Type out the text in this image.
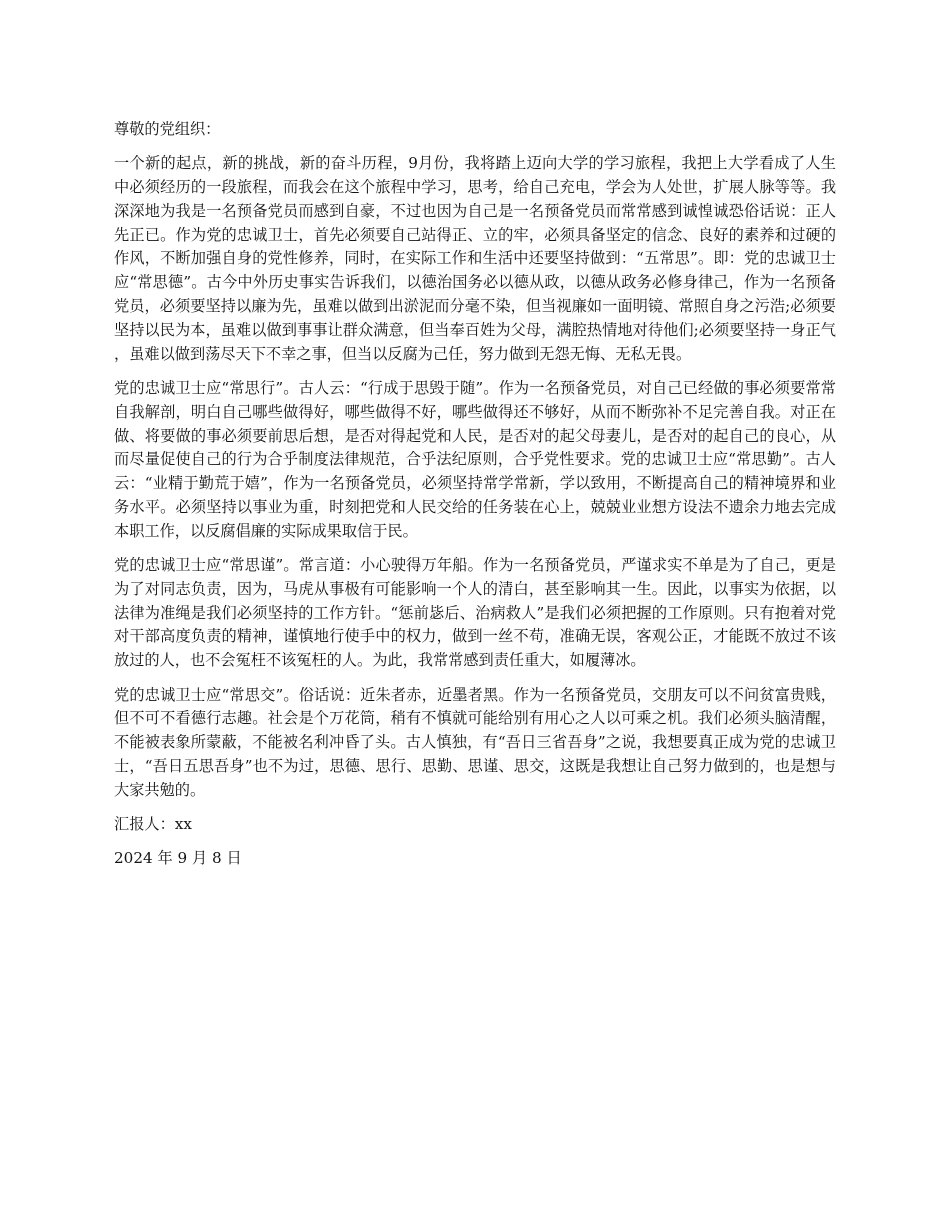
尊敬的党组织：

一个新的起点，新的挑战，新的奋斗历程，9月份，我将踏上迈向大学的学习旅程，我把上大学看成了人生中必须经历的一段旅程，而我会在这个旅程中学习，思考，给自己充电，学会为人处世，扩展人脉等等。我深深地为我是一名预备党员而感到自豪，不过也因为自己是一名预备党员而常常感到诚惶诚恐俗话说：正人先正已。作为党的忠诚卫士，首先必须要自己站得正、立的牢，必须具备坚定的信念、良好的素养和过硬的作风，不断加强自身的党性修养，同时，在实际工作和生活中还要坚持做到：“五常思”。即：党的忠诚卫士应“常思德”。古今中外历史事实告诉我们，以德治国务必以德从政，以德从政务必修身律己，作为一名预备党员，必须要坚持以廉为先，虽难以做到出淤泥而分毫不染，但当视廉如一面明镜、常照自身之污浩;必须要坚持以民为本，虽难以做到事事让群众满意，但当奉百姓为父母，满腔热情地对待他们;必须要坚持一身正气，虽难以做到荡尽天下不幸之事，但当以反腐为己任，努力做到无怨无悔、无私无畏。

党的忠诚卫士应“常思行”。古人云：“行成于思毁于随”。作为一名预备党员，对自己已经做的事必须要常常自我解剖，明白自己哪些做得好，哪些做得不好，哪些做得还不够好，从而不断弥补不足完善自我。对正在做、将要做的事必须要前思后想，是否对得起党和人民，是否对的起父母妻儿，是否对的起自己的良心，从而尽量促使自己的行为合乎制度法律规范，合乎法纪原则，合乎党性要求。党的忠诚卫士应“常思勤”。古人云：“业精于勤荒于嬉”，作为一名预备党员，必须坚持常学常新，学以致用，不断提高自己的精神境界和业务水平。必须坚持以事业为重，时刻把党和人民交给的任务装在心上，兢兢业业想方设法不遗余力地去完成本职工作，以反腐倡廉的实际成果取信于民。

党的忠诚卫士应“常思谨”。常言道：小心驶得万年船。作为一名预备党员，严谨求实不单是为了自己，更是为了对同志负责，因为，马虎从事极有可能影响一个人的清白，甚至影响其一生。因此，以事实为依据，以法律为准绳是我们必须坚持的工作方针。“惩前毖后、治病救人”是我们必须把握的工作原则。只有抱着对党对干部高度负责的精神，谨慎地行使手中的权力，做到一丝不苟，准确无误，客观公正，才能既不放过不该放过的人，也不会冤枉不该冤枉的人。为此，我常常感到责任重大，如履薄冰。

党的忠诚卫士应“常思交”。俗话说：近朱者赤，近墨者黑。作为一名预备党员，交朋友可以不问贫富贵贱，但不可不看德行志趣。社会是个万花筒，稍有不慎就可能给别有用心之人以可乘之机。我们必须头脑清醒，不能被表象所蒙蔽，不能被名利冲昏了头。古人慎独，有“吾日三省吾身”之说，我想要真正成为党的忠诚卫士，“吾日五思吾身”也不为过，思德、思行、思勤、思谨、思交，这既是我想让自己努力做到的，也是想与大家共勉的。

汇报人：xx

2024 年 9 月 8 日
